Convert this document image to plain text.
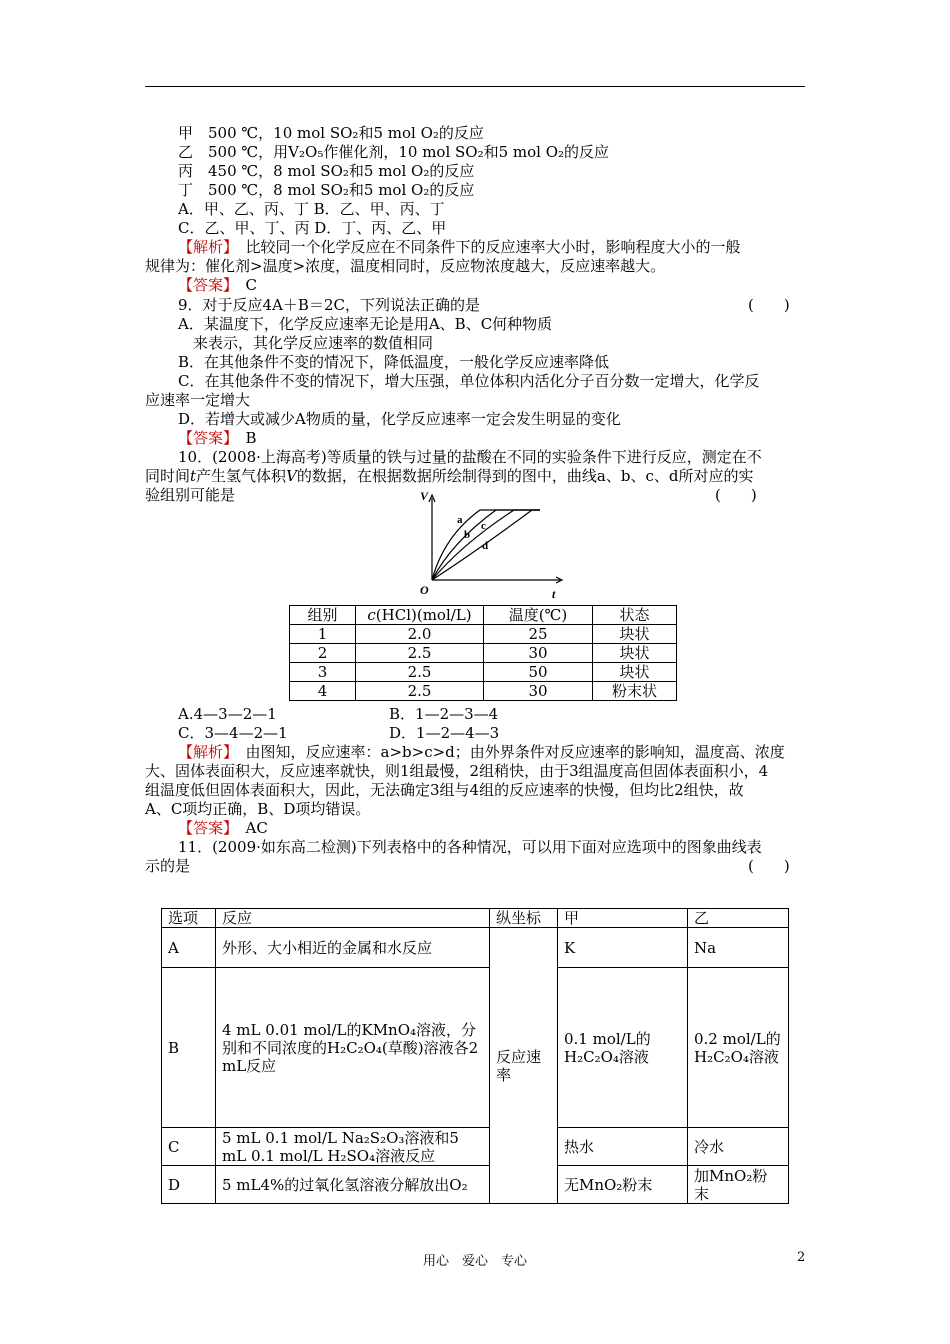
甲　500 ℃，10 mol SO₂和5 mol O₂的反应
乙　500 ℃，用V₂O₅作催化剂，10 mol SO₂和5 mol O₂的反应
丙　450 ℃，8 mol SO₂和5 mol O₂的反应
丁　500 ℃，8 mol SO₂和5 mol O₂的反应
A．甲、乙、丙、丁 B．乙、甲、丙、丁
C．乙、甲、丁、丙 D．丁、丙、乙、甲
【解析】　比较同一个化学反应在不同条件下的反应速率大小时，影响程度大小的一般
规律为：催化剂>温度>浓度，温度相同时，反应物浓度越大，反应速率越大。
【答案】　C
9．对于反应4A＋B＝2C，下列说法正确的是	(　　)
A．某温度下，化学反应速率无论是用A、B、C何种物质
来表示，其化学反应速率的数值相同
B．在其他条件不变的情况下，降低温度，一般化学反应速率降低
C．在其他条件不变的情况下，增大压强，单位体积内活化分子百分数一定增大，化学反
应速率一定增大
D．若增大或减少A物质的量，化学反应速率一定会发生明显的变化
【答案】　B
10．(2008·上海高考)等质量的铁与过量的盐酸在不同的实验条件下进行反应，测定在不
同时间t产生氢气体积V的数据，在根据数据所绘制得到的图中，曲线a、b、c、d所对应的实
验组别可能是	(　　)
V
t
O
a
b
c
d
组别	c(HCl)(mol/L)	温度(℃)	状态
1	2.0	25	块状
2	2.5	30	块状
3	2.5	50	块状
4	2.5	30	粉末状
A.4—3—2—1	B．1—2—3—4
C．3—4—2—1	D．1—2—4—3
【解析】　由图知，反应速率：a>b>c>d；由外界条件对反应速率的影响知，温度高、浓度
大、固体表面积大，反应速率就快，则1组最慢，2组稍快，由于3组温度高但固体表面积小，4
组温度低但固体表面积大，因此，无法确定3组与4组的反应速率的快慢，但均比2组快，故
A、C项均正确，B、D项均错误。
【答案】　AC
11．(2009·如东高二检测)下列表格中的各种情况，可以用下面对应选项中的图象曲线表
示的是	(　　)
选项	反应	纵坐标	甲	乙
A	外形、大小相近的金属和水反应	反应速率	K	Na
B	4 mL 0.01 mol/L的KMnO₄溶液，分别和不同浓度的H₂C₂O₄(草酸)溶液各2 mL反应		0.1 mol/L的H₂C₂O₄溶液	0.2 mol/L的H₂C₂O₄溶液
C	5 mL 0.1 mol/L Na₂S₂O₃溶液和5 mL 0.1 mol/L H₂SO₄溶液反应		热水	冷水
D	5 mL4%的过氧化氢溶液分解放出O₂		无MnO₂粉末	加MnO₂粉末
用心　爱心　专心	2
